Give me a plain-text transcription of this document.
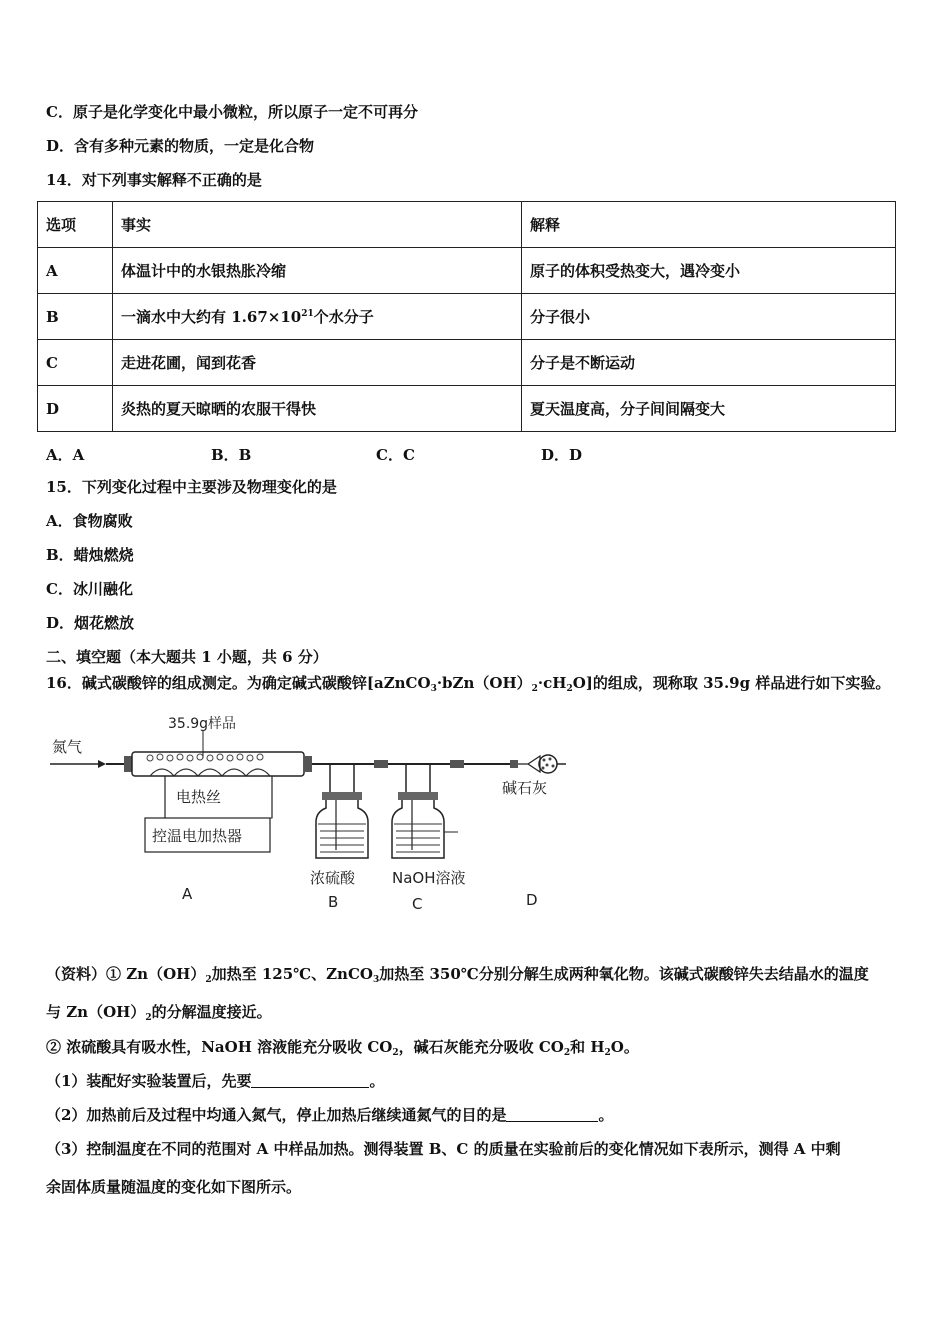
C．原子是化学变化中最小微粒，所以原子一定不可再分
D．含有多种元素的物质，一定是化合物
14．对下列事实解释不正确的是
选项	事实	解释
A	体温计中的水银热胀冷缩	原子的体积受热变大，遇冷变小
B	一滴水中大约有 $1.67\times 10^{21}$个水分子	分子很小
C	走进花圃，闻到花香	分子是不断运动
D	炎热的夏天晾晒的农服干得快	夏天温度高，分子间间隔变大
A．A	B．B	C．C	D．D
15．下列变化过程中主要涉及物理变化的是
A．食物腐败
B．蜡烛燃烧
C．冰川融化
D．烟花燃放
二、填空题（本大题共 1 小题，共 6 分）
16．碱式碳酸锌的组成测定。为确定碱式碳酸锌$[aZnCO_3\cdot bZn(OH)_2\cdot cH_2O]$的组成，现称取 35.9g 样品进行如下实验。
氮气
35.9g样品
电热丝
控温电加热器
浓硫酸 NaOH溶液
碱石灰
A	B	C	D
（资料）① $Zn(OH)_2$加热至 125℃、ZnCO$_3$加热至 350℃分别分解生成两种氧化物。该碱式碳酸锌失去结晶水的温度
与 $Zn(OH)_2$的分解温度接近。
② 浓硫酸具有吸水性，NaOH 溶液能充分吸收 $CO_2$，碱石灰能充分吸收 $CO_2$和 $H_2O$。
（1）装配好实验装置后，先要	。
（2）加热前后及过程中均通入氮气，停止加热后继续通氮气的目的是	。
（3）控制温度在不同的范围对 A 中样品加热。测得装置 B、C 的质量在实验前后的变化情况如下表所示，测得 A 中剩
余固体质量随温度的变化如下图所示。
